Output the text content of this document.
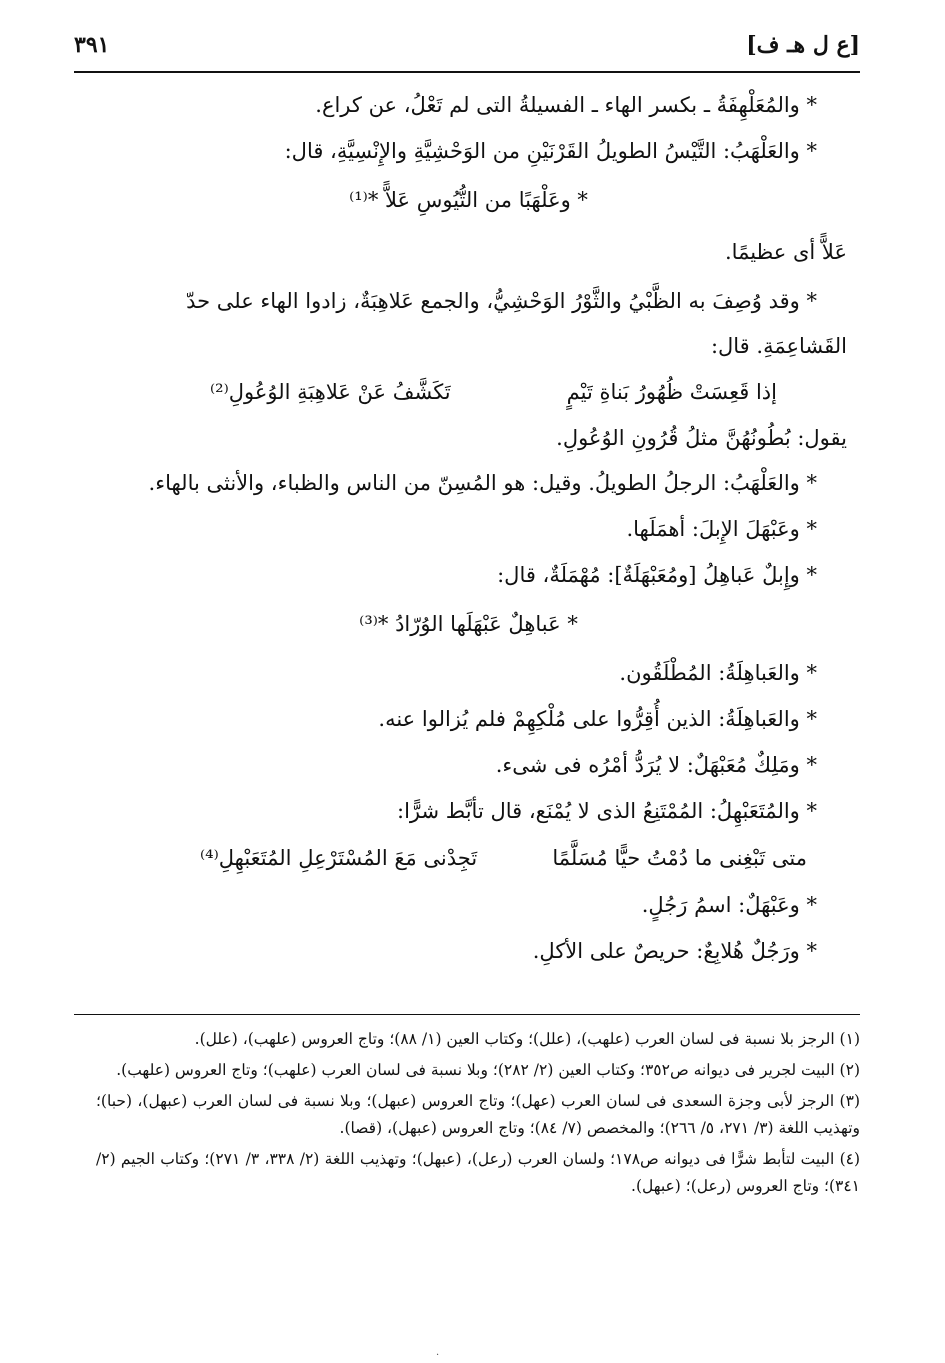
[ع ل هـ ف]
٣٩١
* والمُعَلْهِفَةُ ـ بكسر الهاء ـ الفسيلةُ التى لم تَعْلُ، عن كراع.
* والعَلْهَبُ: التَّيْسُ الطويلُ القَرْنَيْنِ من الوَحْشِيَّةِ والإِنْسِيَّةِ، قال:
* وعَلْهَبًا من التُّيُوسِ عَلاًّ *⁽¹⁾
عَلاًّ أى عظيمًا.
* وقد وُصِفَ به الظَّبْيُ والثَّوْرُ الوَحْشِيُّ، والجمع عَلاهِبَةٌ، زادوا الهاء على حدّ
القَشاعِمَةِ. قال:
إذا قَعِسَتْ ظُهُورُ بَناةِ تَيْمٍ
تَكَشَّفُ عَنْ عَلاهِبَةِ الوُعُولِ⁽²⁾
يقول: بُطُونُهُنَّ مثلُ قُرُونِ الوُعُولِ.
* والعَلْهَبُ: الرجلُ الطويلُ. وقيل: هو المُسِنّ من الناس والظباء، والأنثى بالهاء.
* وعَبْهَلَ الإِبلَ: أهمَلَها.
* وإِبلٌ عَباهِلُ [ومُعَبْهَلَةٌ]: مُهْمَلَةٌ، قال:
* عَباهِلٌ عَبْهَلَها الوُرّادُ *⁽³⁾
* والعَباهِلَةُ: المُطْلَقُون.
* والعَباهِلَةُ: الذين أُقِرُّوا على مُلْكِهِمْ فلم يُزالوا عنه.
* ومَلِكٌ مُعَبْهَلٌ: لا يُرَدُّ أمْرُه فى شىء.
* والمُتَعَبْهِلُ: المُمْتَنِعُ الذى لا يُمْنَع، قال تأبَّط شرًّا:
متى تَبْغِنى ما دُمْتُ حيًّا مُسَلَّمًا
تَجِدْنى مَعَ المُسْتَرْعِلِ المُتَعَبْهِلِ⁽⁴⁾
* وعَبْهَلٌ: اسمُ رَجُلٍ.
* ورَجُلٌ هُلابِعٌ: حريصٌ على الأكلِ.
(١) الرجز بلا نسبة فى لسان العرب (علهب)، (علل)؛ وكتاب العين (١/ ٨٨)؛ وتاج العروس (علهب)، (علل).
(٢) البيت لجرير فى ديوانه ص٣٥٢؛ وكتاب العين (٢/ ٢٨٢)؛ وبلا نسبة فى لسان العرب (علهب)؛ وتاج العروس (علهب).
(٣) الرجز لأبى وجزة السعدى فى لسان العرب (عهل)؛ وتاج العروس (عبهل)؛ وبلا نسبة فى لسان العرب (عبهل)، (حبا)؛ وتهذيب اللغة (٣/ ٢٧١، ٥/ ٢٦٦)؛ والمخصص (٧/ ٨٤)؛ وتاج العروس (عبهل)، (قصا).
(٤) البيت لتأبط شرًّا فى ديوانه ص١٧٨؛ ولسان العرب (رعل)، (عبهل)؛ وتهذيب اللغة (٢/ ٣٣٨، ٣/ ٢٧١)؛ وكتاب الجيم (٢/ ٣٤١)؛ وتاج العروس (رعل)؛ (عبهل).
·
